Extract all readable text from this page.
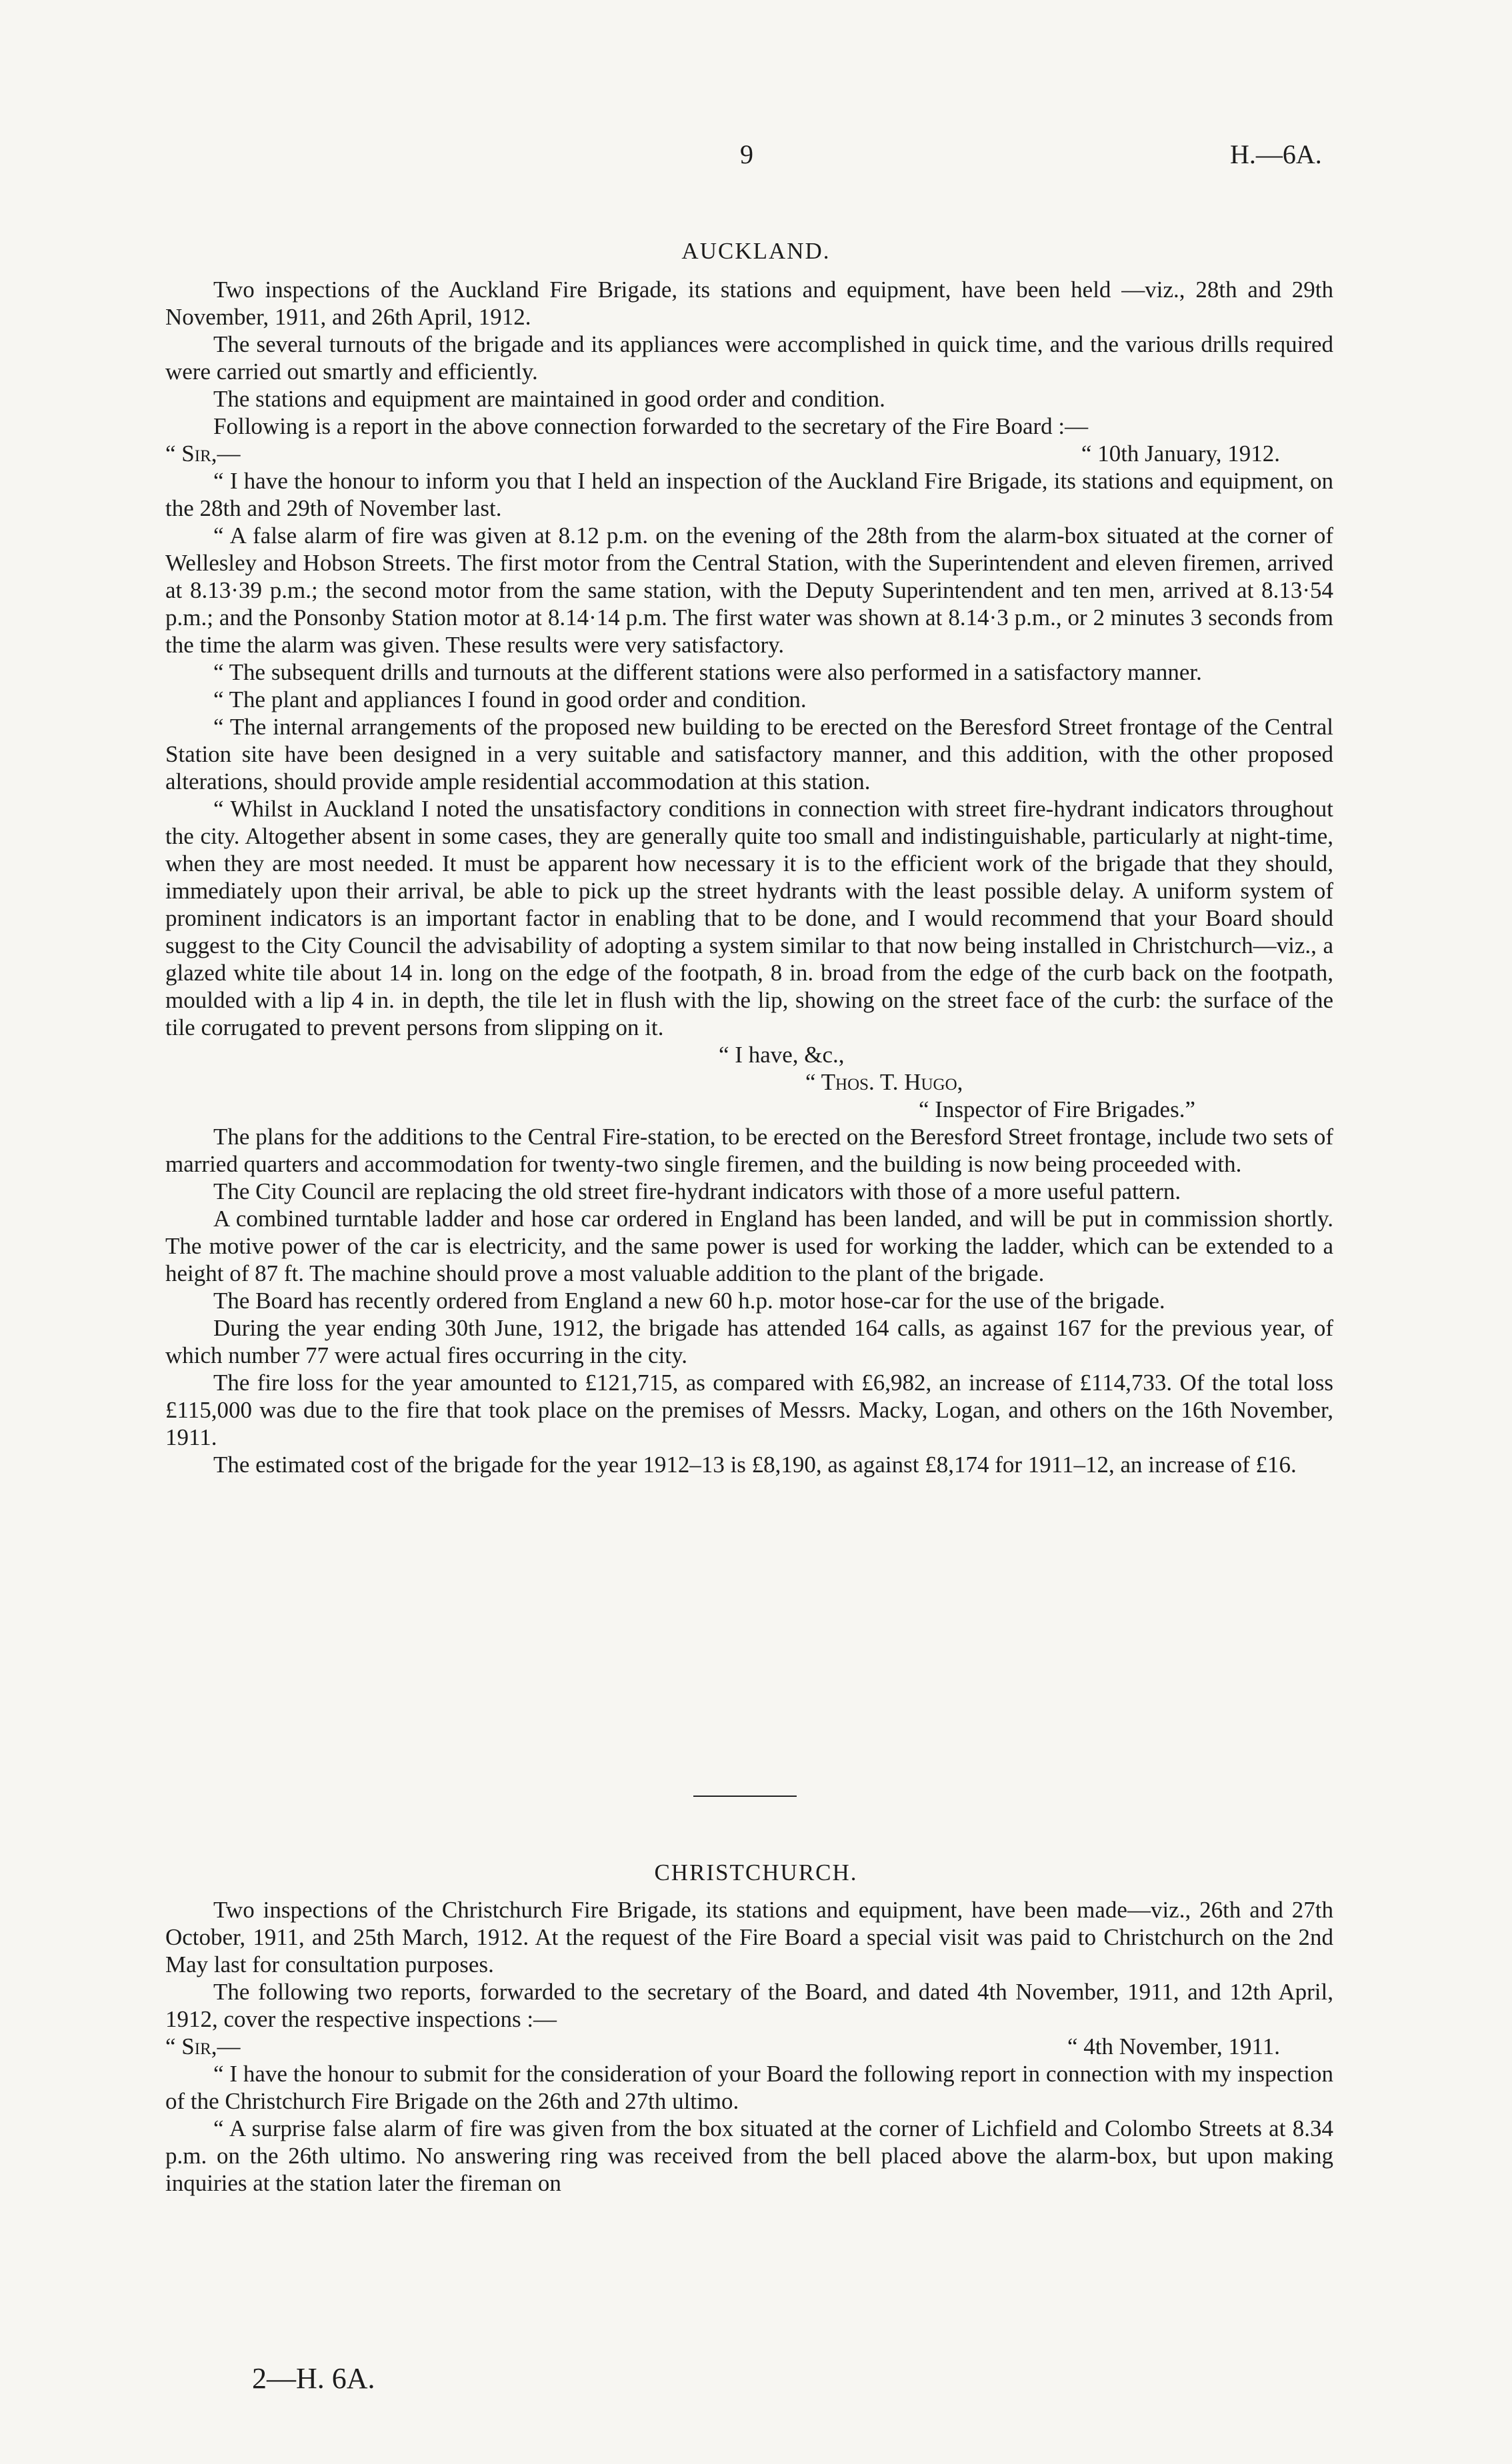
9	H.—6A.
AUCKLAND.

Two inspections of the Auckland Fire Brigade, its stations and equipment, have been held —viz., 28th and 29th November, 1911, and 26th April, 1912.

The several turnouts of the brigade and its appliances were accomplished in quick time, and the various drills required were carried out smartly and efficiently.

The stations and equipment are maintained in good order and condition.

Following is a report in the above connection forwarded to the secretary of the Fire Board :—

“ Sir,—	“ 10th January, 1912.

“ I have the honour to inform you that I held an inspection of the Auckland Fire Brigade, its stations and equipment, on the 28th and 29th of November last.

“ A false alarm of fire was given at 8.12 p.m. on the evening of the 28th from the alarm-box situated at the corner of Wellesley and Hobson Streets. The first motor from the Central Station, with the Superintendent and eleven firemen, arrived at 8.13·39 p.m.; the second motor from the same station, with the Deputy Superintendent and ten men, arrived at 8.13·54 p.m.; and the Ponsonby Station motor at 8.14·14 p.m. The first water was shown at 8.14·3 p.m., or 2 minutes 3 seconds from the time the alarm was given. These results were very satisfactory.

“ The subsequent drills and turnouts at the different stations were also performed in a satisfactory manner.

“ The plant and appliances I found in good order and condition.

“ The internal arrangements of the proposed new building to be erected on the Beresford Street frontage of the Central Station site have been designed in a very suitable and satisfactory manner, and this addition, with the other proposed alterations, should provide ample residential accommodation at this station.

“ Whilst in Auckland I noted the unsatisfactory conditions in connection with street fire-hydrant indicators throughout the city. Altogether absent in some cases, they are generally quite too small and indistinguishable, particularly at night-time, when they are most needed. It must be apparent how necessary it is to the efficient work of the brigade that they should, immediately upon their arrival, be able to pick up the street hydrants with the least possible delay. A uniform system of prominent indicators is an important factor in enabling that to be done, and I would recommend that your Board should suggest to the City Council the advisability of adopting a system similar to that now being installed in Christchurch—viz., a glazed white tile about 14 in. long on the edge of the footpath, 8 in. broad from the edge of the curb back on the footpath, moulded with a lip 4 in. in depth, the tile let in flush with the lip, showing on the street face of the curb: the surface of the tile corrugated to prevent persons from slipping on it.

“ I have, &c.,
“ Thos. T. Hugo,
“ Inspector of Fire Brigades.”

The plans for the additions to the Central Fire-station, to be erected on the Beresford Street frontage, include two sets of married quarters and accommodation for twenty-two single firemen, and the building is now being proceeded with.

The City Council are replacing the old street fire-hydrant indicators with those of a more useful pattern.

A combined turntable ladder and hose car ordered in England has been landed, and will be put in commission shortly. The motive power of the car is electricity, and the same power is used for working the ladder, which can be extended to a height of 87 ft. The machine should prove a most valuable addition to the plant of the brigade.

The Board has recently ordered from England a new 60 h.p. motor hose-car for the use of the brigade.

During the year ending 30th June, 1912, the brigade has attended 164 calls, as against 167 for the previous year, of which number 77 were actual fires occurring in the city.

The fire loss for the year amounted to £121,715, as compared with £6,982, an increase of £114,733. Of the total loss £115,000 was due to the fire that took place on the premises of Messrs. Macky, Logan, and others on the 16th November, 1911.

The estimated cost of the brigade for the year 1912–13 is £8,190, as against £8,174 for 1911–12, an increase of £16.

CHRISTCHURCH.

Two inspections of the Christchurch Fire Brigade, its stations and equipment, have been made—viz., 26th and 27th October, 1911, and 25th March, 1912. At the request of the Fire Board a special visit was paid to Christchurch on the 2nd May last for consultation purposes.

The following two reports, forwarded to the secretary of the Board, and dated 4th November, 1911, and 12th April, 1912, cover the respective inspections :—

“ Sir,—	“ 4th November, 1911.

“ I have the honour to submit for the consideration of your Board the following report in connection with my inspection of the Christchurch Fire Brigade on the 26th and 27th ultimo.

“ A surprise false alarm of fire was given from the box situated at the corner of Lichfield and Colombo Streets at 8.34 p.m. on the 26th ultimo. No answering ring was received from the bell placed above the alarm-box, but upon making inquiries at the station later the fireman on

2—H. 6A.
